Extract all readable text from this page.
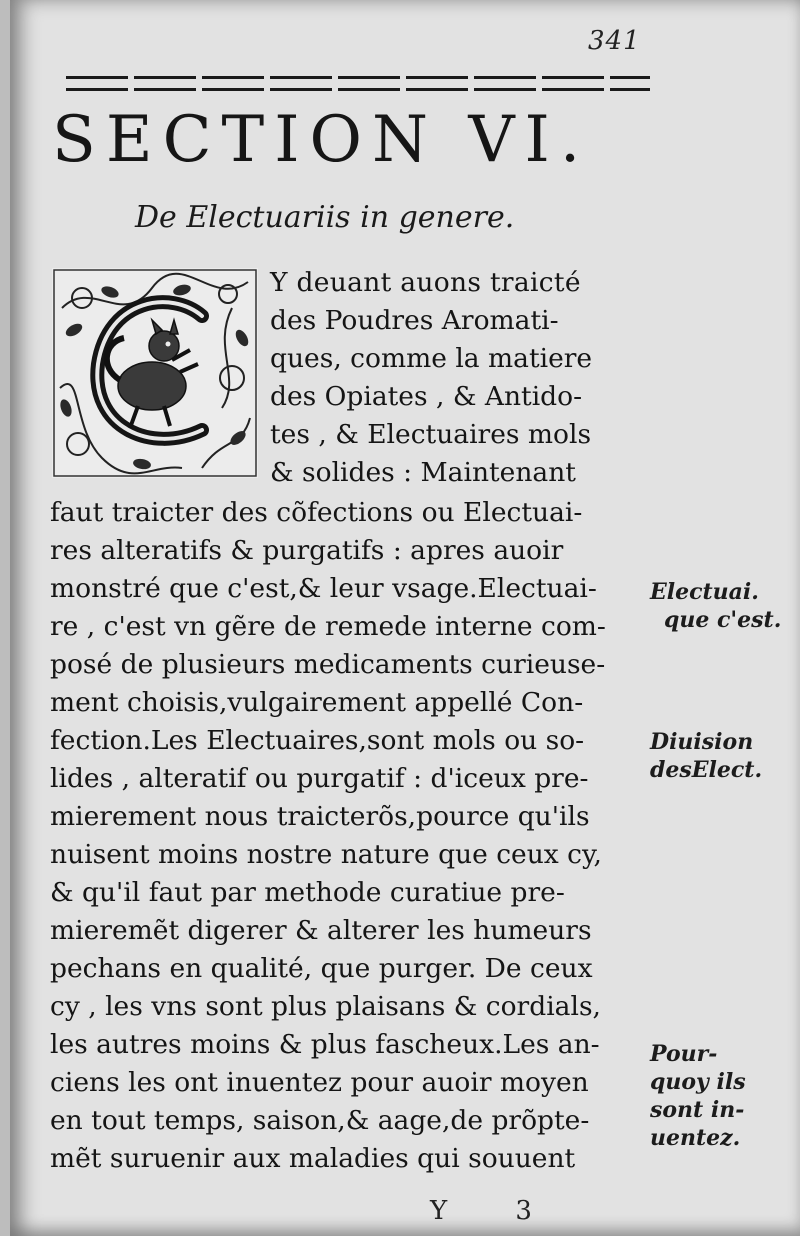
341
SECTION VI.
De Electuariis in genere.
Y deuant auons traicté
des Poudres Aromati-
ques, comme la matiere
des Opiates , & Antido-
tes , & Electuaires mols
& solides : Maintenant
faut traicter des cõfections ou Electuai-
res alteratifs & purgatifs : apres auoir
monstré que c'est,& leur vsage.Electuai-
re , c'est vn gẽre de remede interne com-
posé de plusieurs medicaments curieuse-
ment choisis,vulgairement appellé Con-
fection.Les Electuaires,sont mols ou so-
lides , alteratif ou purgatif : d'iceux pre-
mierement nous traicterõs,pource qu'ils
nuisent moins nostre nature que ceux cy,
& qu'il faut par methode curatiue pre-
mieremẽt digerer & alterer les humeurs
pechans en qualité, que purger. De ceux
cy , les vns sont plus plaisans & cordials,
les autres moins & plus fascheux.Les an-
ciens les ont inuentez pour auoir moyen
en tout temps, saison,& aage,de prõpte-
mẽt suruenir aux maladies qui souuent
Electuai.
que c'est.
Diuision
desElect.
Pour-
quoy ils
sont in-
uentez.
Y 3
